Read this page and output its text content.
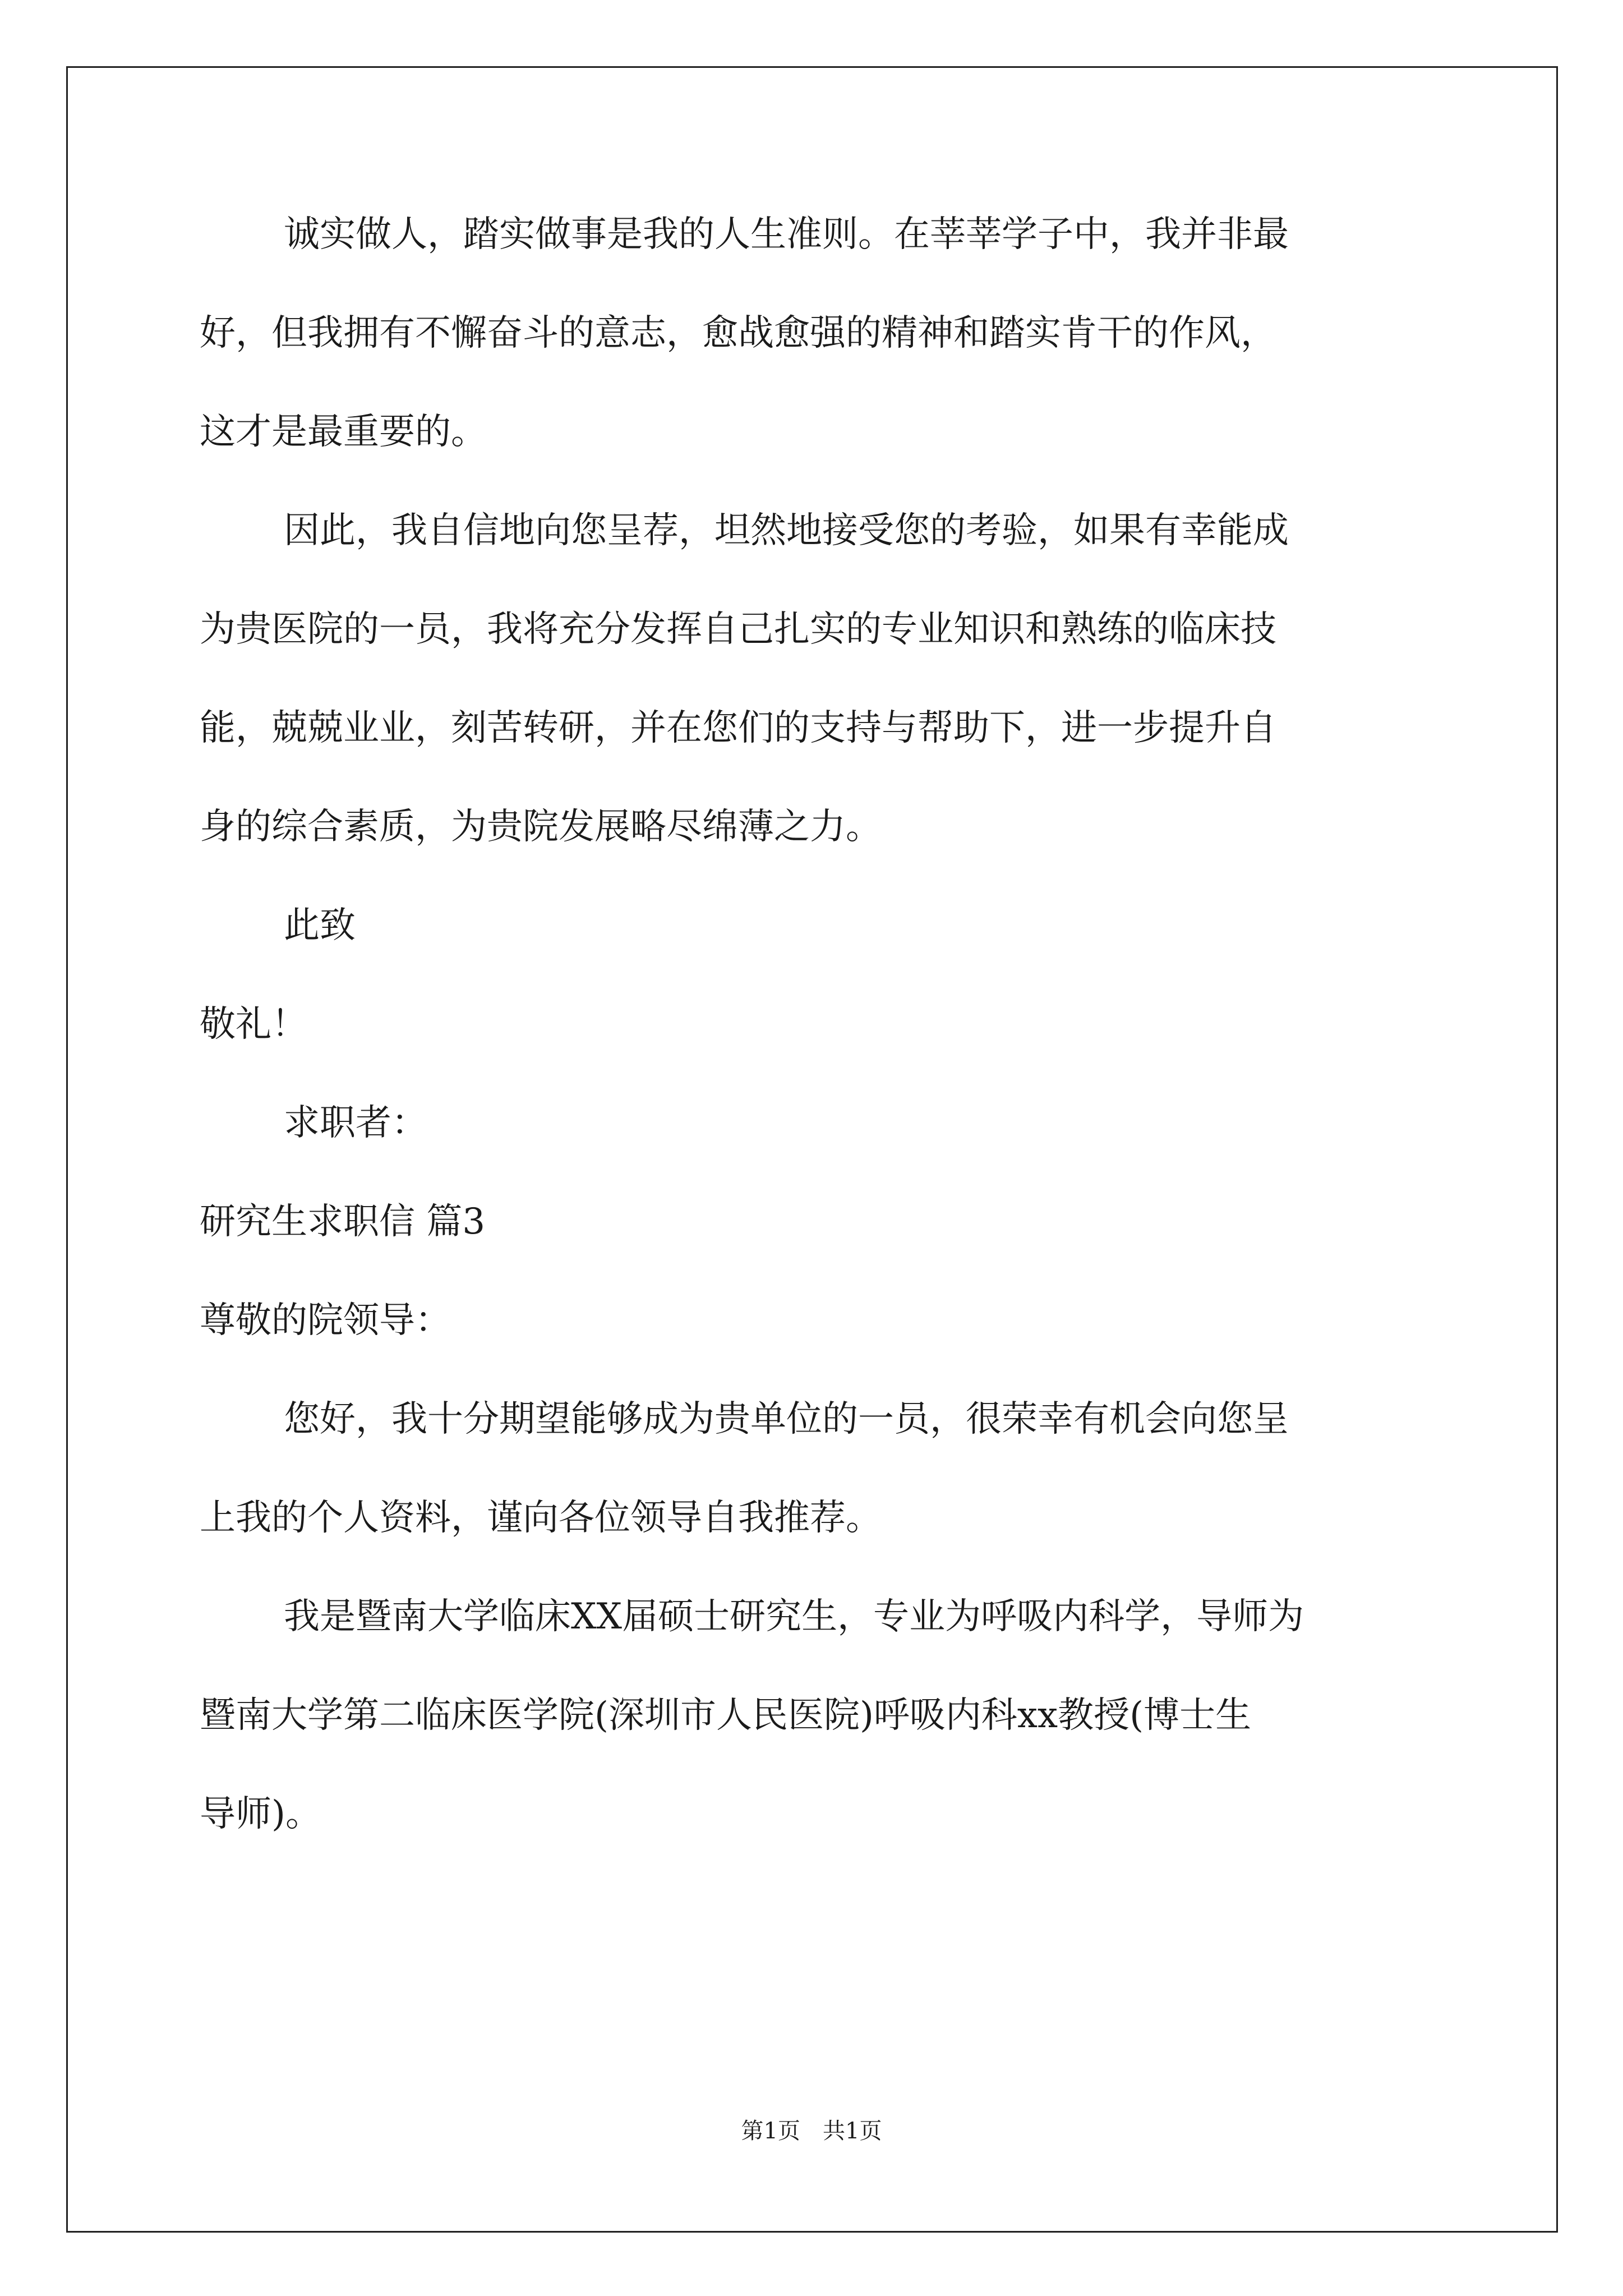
诚实做人，踏实做事是我的人生准则。在莘莘学子中，我并非最
好，但我拥有不懈奋斗的意志，愈战愈强的精神和踏实肯干的作风，
这才是最重要的。
因此，我自信地向您呈荐，坦然地接受您的考验，如果有幸能成
为贵医院的一员，我将充分发挥自己扎实的专业知识和熟练的临床技
能，兢兢业业，刻苦转研，并在您们的支持与帮助下，进一步提升自
身的综合素质，为贵院发展略尽绵薄之力。
此致
敬礼！
求职者：
研究生求职信 篇3
尊敬的院领导：
您好，我十分期望能够成为贵单位的一员，很荣幸有机会向您呈
上我的个人资料，谨向各位领导自我推荐。
我是暨南大学临床XX届硕士研究生，专业为呼吸内科学，导师为
暨南大学第二临床医学院(深圳市人民医院)呼吸内科xx教授(博士生
导师)。
第1页　共1页
